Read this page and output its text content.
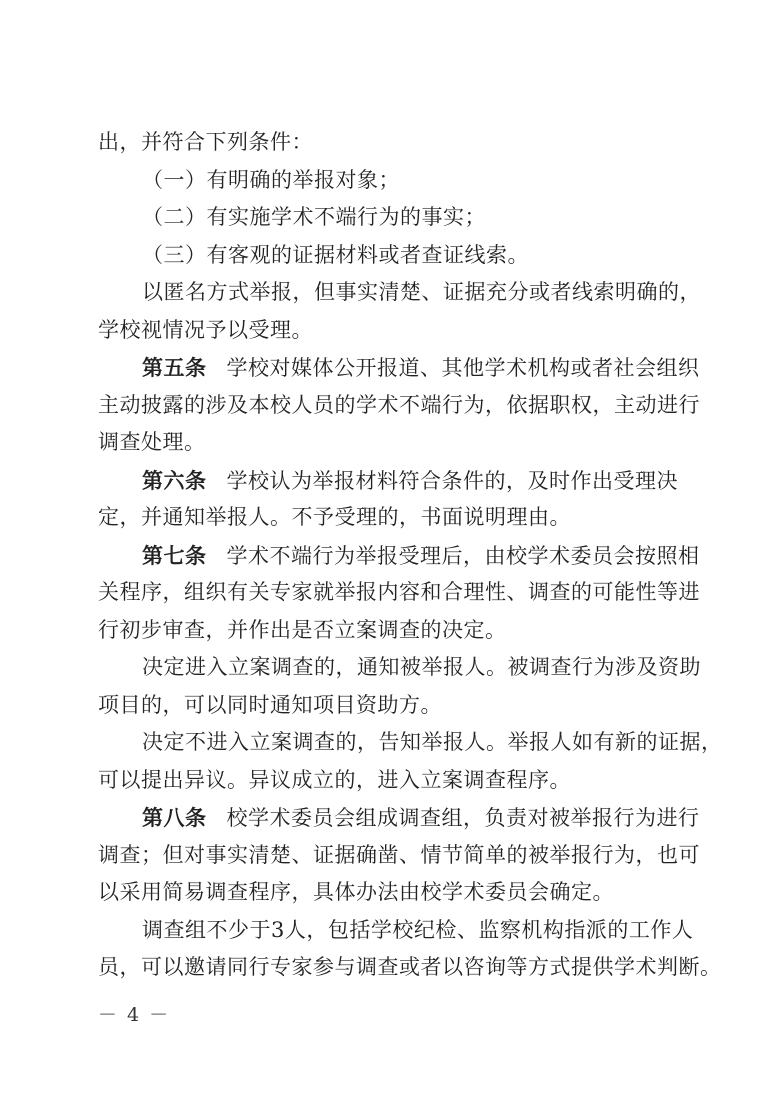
出，并符合下列条件：
（一）有明确的举报对象；
（二）有实施学术不端行为的事实；
（三）有客观的证据材料或者查证线索。
以匿名方式举报，但事实清楚、证据充分或者线索明确的，
学校视情况予以受理。
第五条 学校对媒体公开报道、其他学术机构或者社会组织
主动披露的涉及本校人员的学术不端行为，依据职权，主动进行
调查处理。
第六条 学校认为举报材料符合条件的，及时作出受理决
定，并通知举报人。不予受理的，书面说明理由。
第七条 学术不端行为举报受理后，由校学术委员会按照相
关程序，组织有关专家就举报内容和合理性、调查的可能性等进
行初步审查，并作出是否立案调查的决定。
决定进入立案调查的，通知被举报人。被调查行为涉及资助
项目的，可以同时通知项目资助方。
决定不进入立案调查的，告知举报人。举报人如有新的证据，
可以提出异议。异议成立的，进入立案调查程序。
第八条 校学术委员会组成调查组，负责对被举报行为进行
调查；但对事实清楚、证据确凿、情节简单的被举报行为，也可
以采用简易调查程序，具体办法由校学术委员会确定。
调查组不少于3人，包括学校纪检、监察机构指派的工作人
员，可以邀请同行专家参与调查或者以咨询等方式提供学术判断。
－ 4 －
